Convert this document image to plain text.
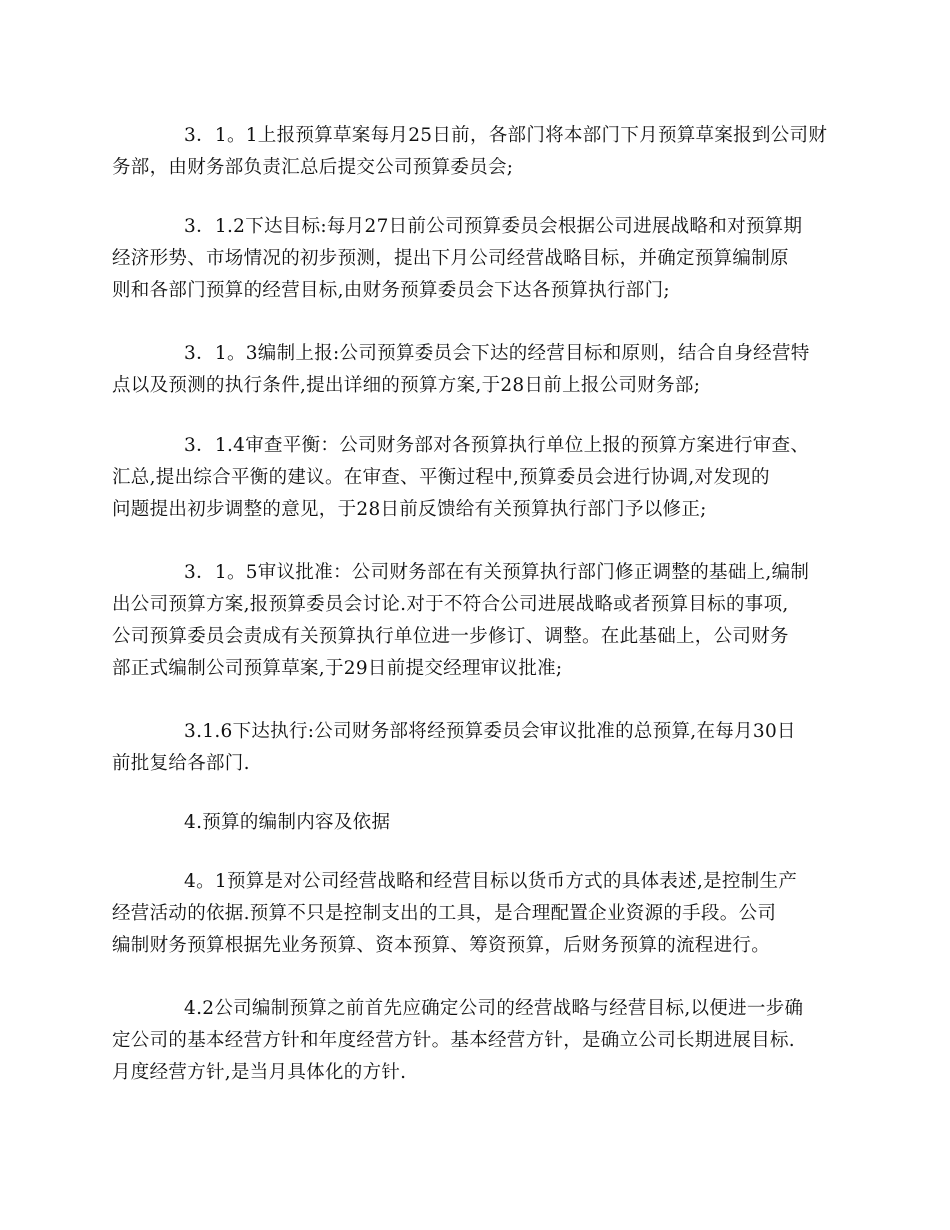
3．1。1上报预算草案每月25日前，各部门将本部门下月预算草案报到公司财
务部，由财务部负责汇总后提交公司预算委员会;
3．1.2下达目标:每月27日前公司预算委员会根据公司进展战略和对预算期
经济形势、市场情况的初步预测，提出下月公司经营战略目标，并确定预算编制原
则和各部门预算的经营目标,由财务预算委员会下达各预算执行部门;
3．1。3编制上报:公司预算委员会下达的经营目标和原则，结合自身经营特
点以及预测的执行条件,提出详细的预算方案,于28日前上报公司财务部;
3．1.4审查平衡：公司财务部对各预算执行单位上报的预算方案进行审查、
汇总,提出综合平衡的建议。在审查、平衡过程中,预算委员会进行协调,对发现的
问题提出初步调整的意见，于28日前反馈给有关预算执行部门予以修正;
3．1。5审议批准：公司财务部在有关预算执行部门修正调整的基础上,编制
出公司预算方案,报预算委员会讨论.对于不符合公司进展战略或者预算目标的事项,
公司预算委员会责成有关预算执行单位进一步修订、调整。在此基础上，公司财务
部正式编制公司预算草案,于29日前提交经理审议批准;
3.1.6下达执行:公司财务部将经预算委员会审议批准的总预算,在每月30日
前批复给各部门.
4.预算的编制内容及依据
4。1预算是对公司经营战略和经营目标以货币方式的具体表述,是控制生产
经营活动的依据.预算不只是控制支出的工具，是合理配置企业资源的手段。公司
编制财务预算根据先业务预算、资本预算、筹资预算，后财务预算的流程进行。
4.2公司编制预算之前首先应确定公司的经营战略与经营目标,以便进一步确
定公司的基本经营方针和年度经营方针。基本经营方针，是确立公司长期进展目标.
月度经营方针,是当月具体化的方针.
